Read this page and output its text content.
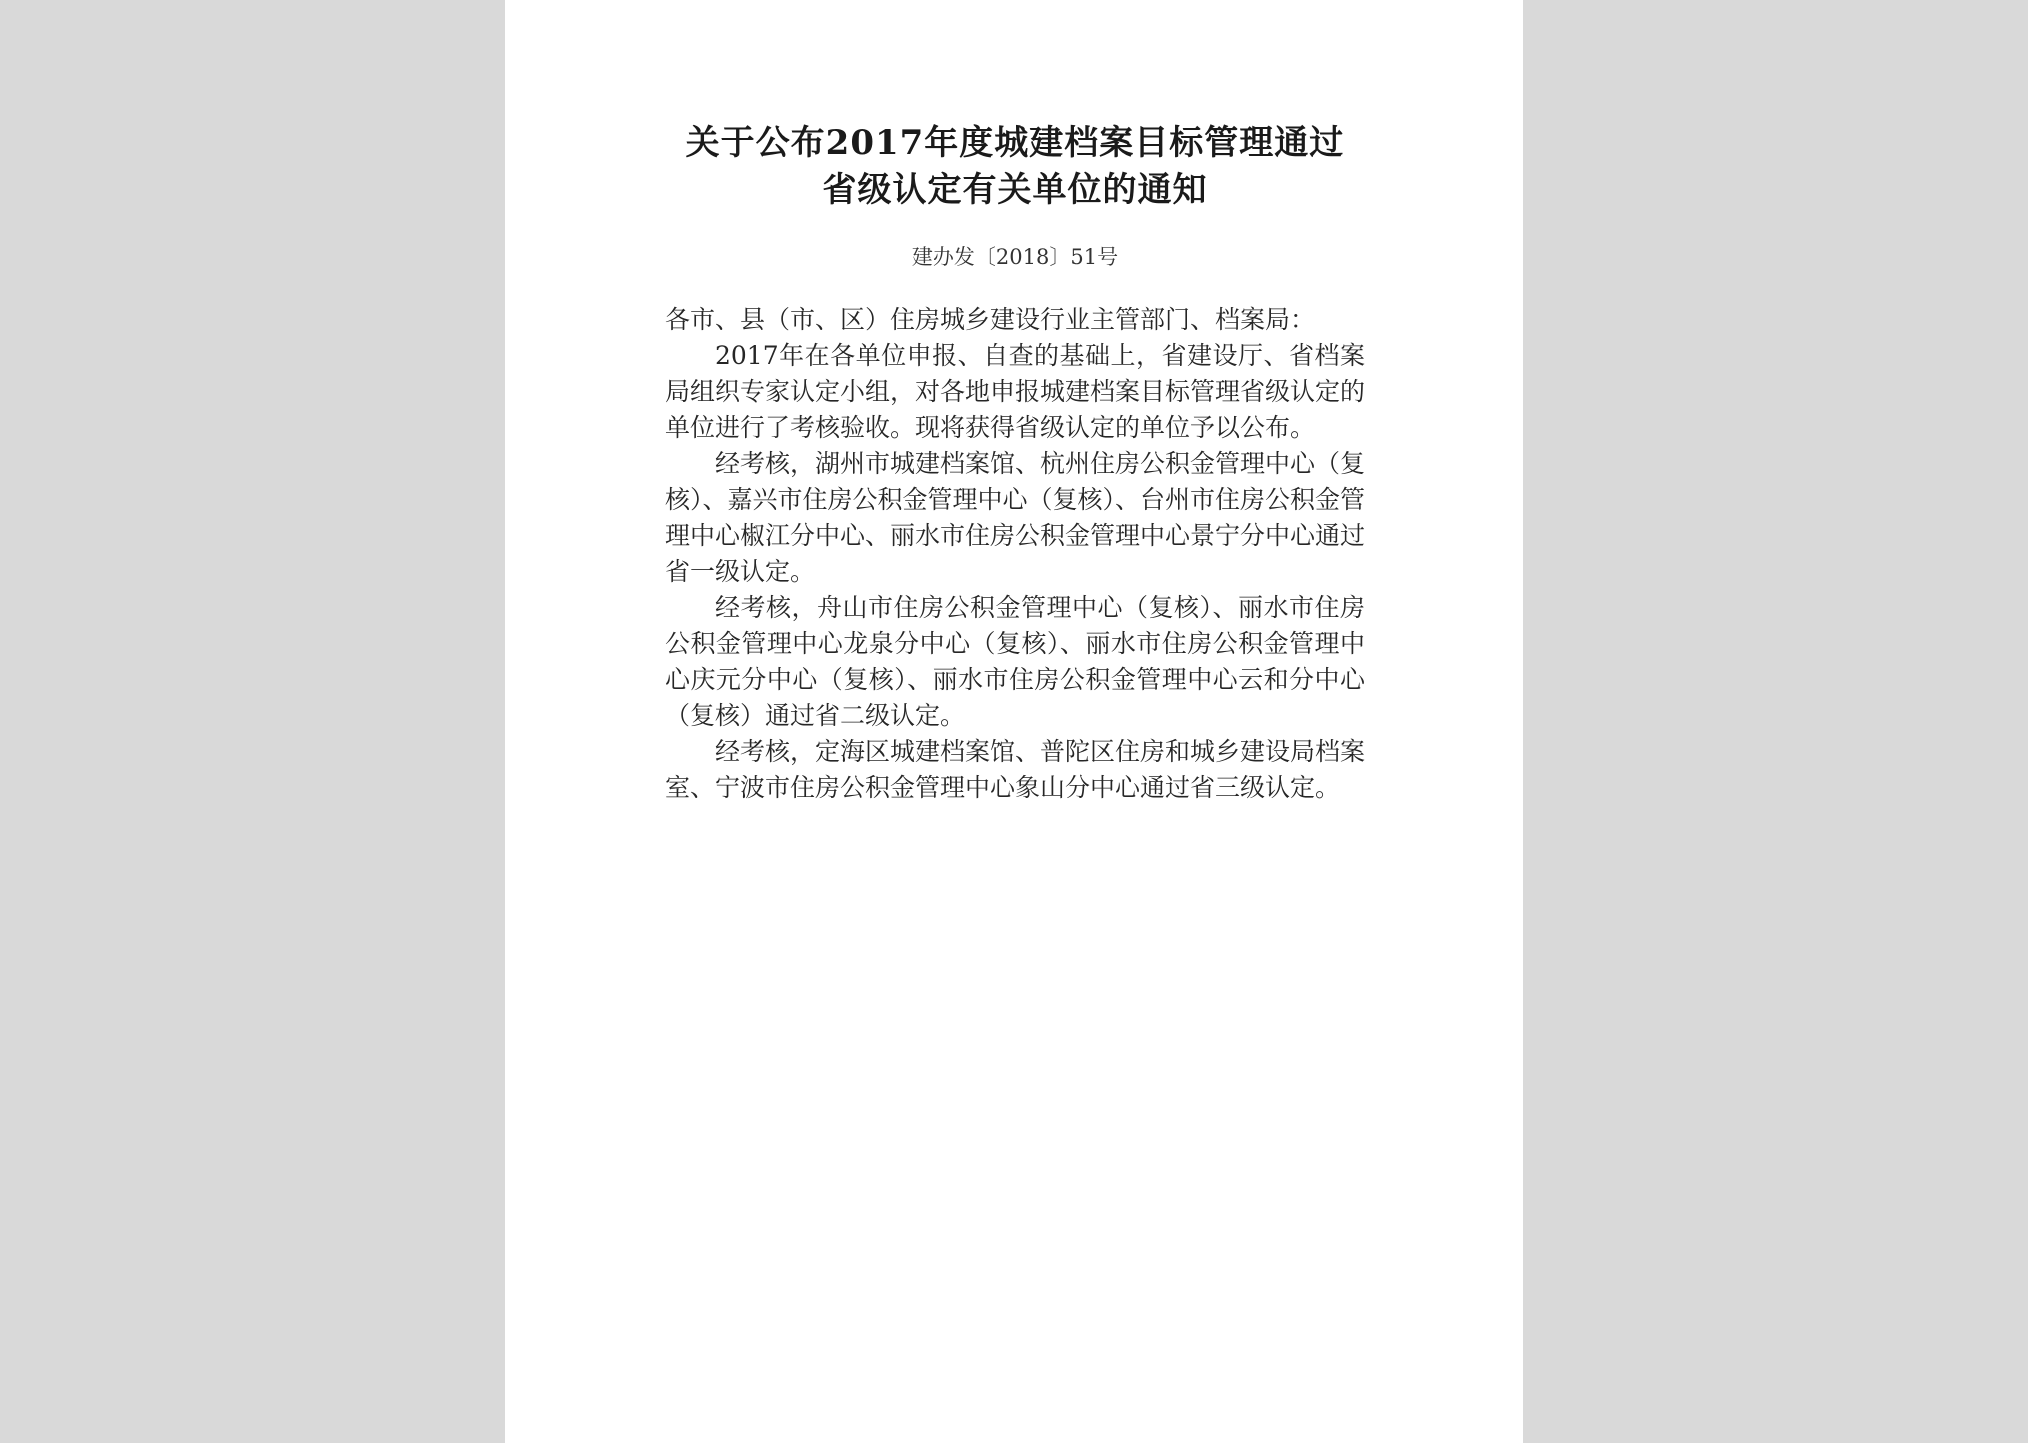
关于公布2017年度城建档案目标管理通过
省级认定有关单位的通知
建办发〔2018〕51号

各市、县（市、区）住房城乡建设行业主管部门、档案局：

2017年在各单位申报、自查的基础上，省建设厅、省档案局组织专家认定小组，对各地申报城建档案目标管理省级认定的单位进行了考核验收。现将获得省级认定的单位予以公布。

经考核，湖州市城建档案馆、杭州住房公积金管理中心（复核）、嘉兴市住房公积金管理中心（复核）、台州市住房公积金管理中心椒江分中心、丽水市住房公积金管理中心景宁分中心通过省一级认定。

经考核，舟山市住房公积金管理中心（复核）、丽水市住房公积金管理中心龙泉分中心（复核）、丽水市住房公积金管理中心庆元分中心（复核）、丽水市住房公积金管理中心云和分中心（复核）通过省二级认定。

经考核，定海区城建档案馆、普陀区住房和城乡建设局档案室、宁波市住房公积金管理中心象山分中心通过省三级认定。
